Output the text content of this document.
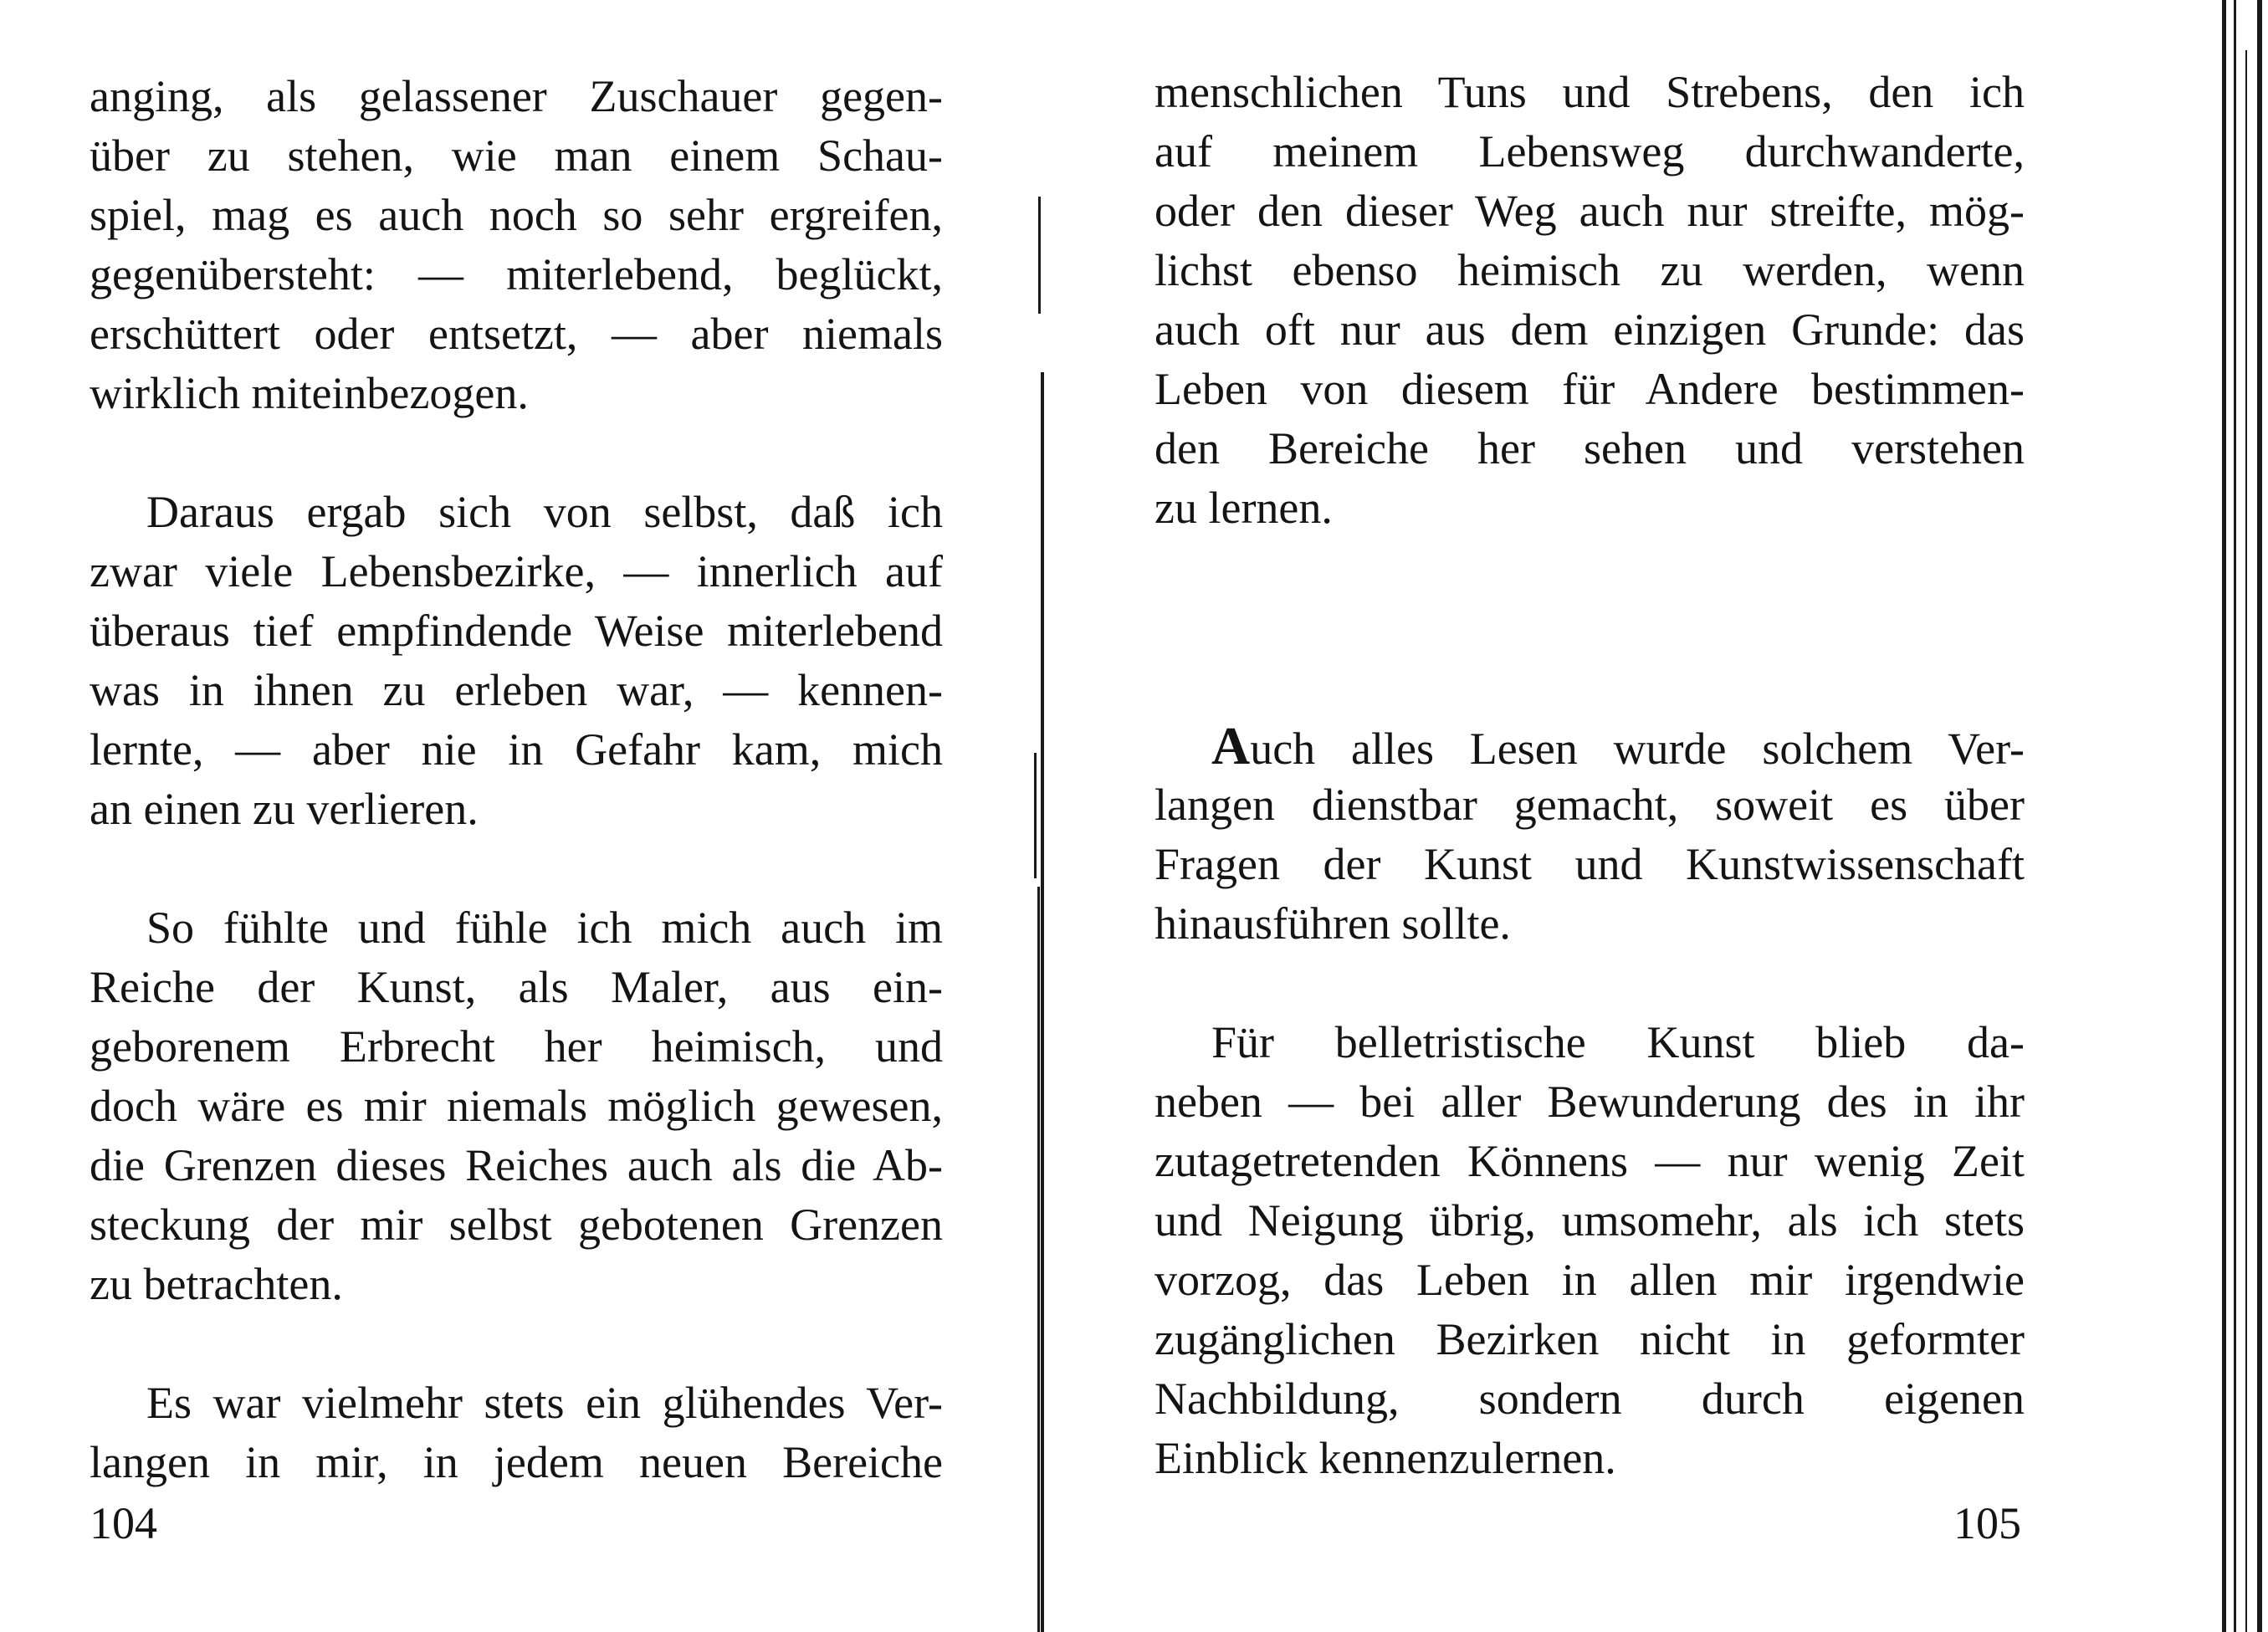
anging, als gelassener Zuschauer gegen-
über zu stehen, wie man einem Schau-
spiel, mag es auch noch so sehr ergreifen,
gegenübersteht: — miterlebend, beglückt,
erschüttert oder entsetzt, — aber niemals
wirklich miteinbezogen.
Daraus ergab sich von selbst, daß ich
zwar viele Lebensbezirke, — innerlich auf
überaus tief empfindende Weise miterlebend
was in ihnen zu erleben war, — kennen-
lernte, — aber nie in Gefahr kam, mich
an einen zu verlieren.
So fühlte und fühle ich mich auch im
Reiche der Kunst, als Maler, aus ein-
geborenem Erbrecht her heimisch, und
doch wäre es mir niemals möglich gewesen,
die Grenzen dieses Reiches auch als die Ab-
steckung der mir selbst gebotenen Grenzen
zu betrachten.
Es war vielmehr stets ein glühendes Ver-
langen in mir, in jedem neuen Bereiche
104
menschlichen Tuns und Strebens, den ich
auf meinem Lebensweg durchwanderte,
oder den dieser Weg auch nur streifte, mög-
lichst ebenso heimisch zu werden, wenn
auch oft nur aus dem einzigen Grunde: das
Leben von diesem für Andere bestimmen-
den Bereiche her sehen und verstehen
zu lernen.
Auch alles Lesen wurde solchem Ver-
langen dienstbar gemacht, soweit es über
Fragen der Kunst und Kunstwissenschaft
hinausführen sollte.
Für belletristische Kunst blieb da-
neben — bei aller Bewunderung des in ihr
zutagetretenden Könnens — nur wenig Zeit
und Neigung übrig, umsomehr, als ich stets
vorzog, das Leben in allen mir irgendwie
zugänglichen Bezirken nicht in geformter
Nachbildung, sondern durch eigenen
Einblick kennenzulernen.
105
